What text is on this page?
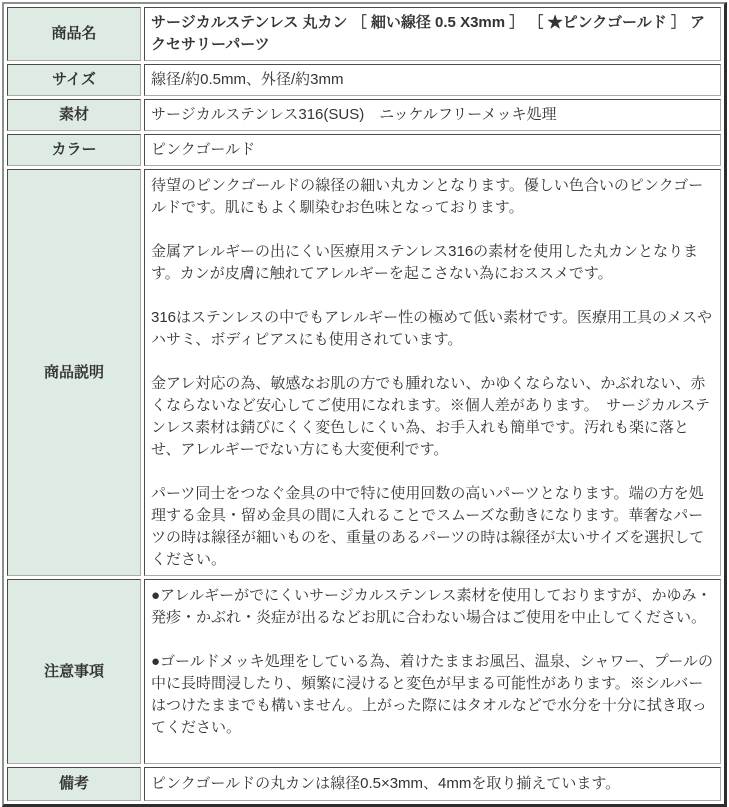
商品名	サージカルステンレス 丸カン ［ 細い線径 0.5 X3mm ］ ［ ★ピンクゴールド ］ アクセサリーパーツ

サイズ	線径/約0.5mm、外径/約3mm

素材	サージカルステンレス316(SUS)　ニッケルフリーメッキ処理

カラー	ピンクゴールド

商品説明	待望のピンクゴールドの線径の細い丸カンとなります。優しい色合いのピンクゴールドです。肌にもよく馴染むお色味となっております。

金属アレルギーの出にくい医療用ステンレス316の素材を使用した丸カンとなります。カンが皮膚に触れてアレルギーを起こさない為におススメです。

316はステンレスの中でもアレルギー性の極めて低い素材です。医療用工具のメスやハサミ、ボディピアスにも使用されています。

金アレ対応の為、敏感なお肌の方でも腫れない、かゆくならない、かぶれない、赤くならないなど安心してご使用になれます。※個人差があります。　サージカルステンレス素材は錆びにくく変色しにくい為、お手入れも簡単です。汚れも楽に落とせ、アレルギーでない方にも大変便利です。

パーツ同士をつなぐ金具の中で特に使用回数の高いパーツとなります。端の方を処理する金具・留め金具の間に入れることでスムーズな動きになります。華奢なパーツの時は線径が細いものを、重量のあるパーツの時は線径が太いサイズを選択してください。

注意事項	●アレルギーがでにくいサージカルステンレス素材を使用しておりますが、かゆみ・発疹・かぶれ・炎症が出るなどお肌に合わない場合はご使用を中止してください。

●ゴールドメッキ処理をしている為、着けたままお風呂、温泉、シャワー、プールの中に長時間浸したり、頻繁に浸けると変色が早まる可能性があります。※シルバーはつけたままでも構いません。上がった際にはタオルなどで水分を十分に拭き取ってください。

備考	ピンクゴールドの丸カンは線径0.5×3mm、4mmを取り揃えています。
